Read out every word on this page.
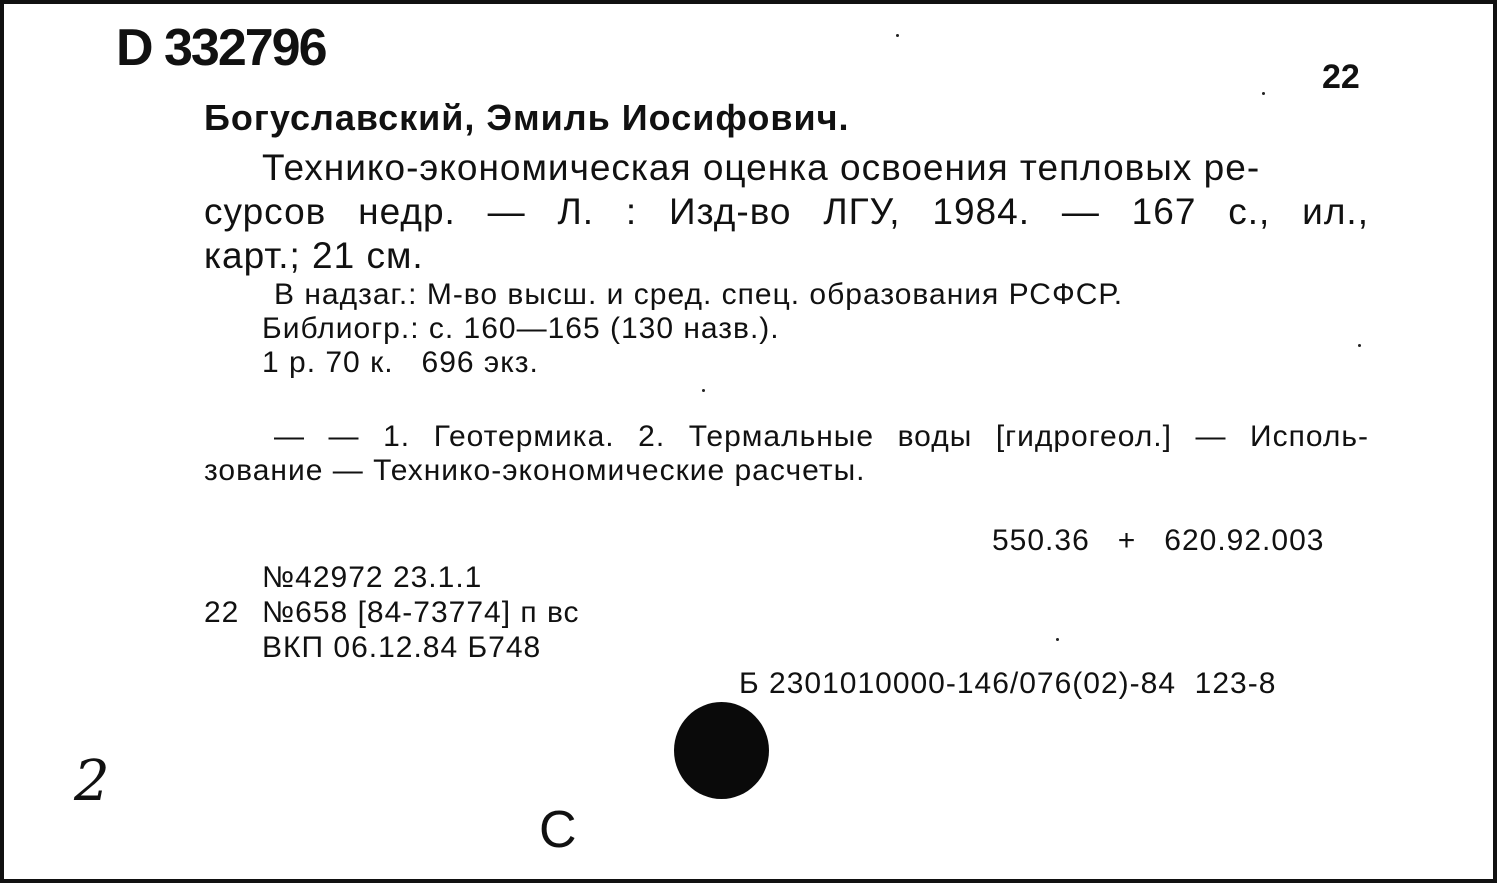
D 332796	22
Богуславский, Эмиль Иосифович.
Технико-экономическая оценка освоения тепловых ре-
сурсов недр. — Л. : Изд-во ЛГУ, 1984. — 167 с., ил.,
карт.; 21 см.
В надзаг.: М-во высш. и сред. спец. образования РСФСР.
Библиогр.: с. 160—165 (130 назв.).
1 р. 70 к.   696 экз.
— — 1. Геотермика. 2. Термальные воды [гидрогеол.] — Исполь-
зование — Технико-экономические расчеты.
550.36   +   620.92.003
№42972 23.1.1
22 №658 [84-73774] п вс
ВКП 06.12.84 Б748
Б 2301010000-146/076(02)-84  123-8
2
С
